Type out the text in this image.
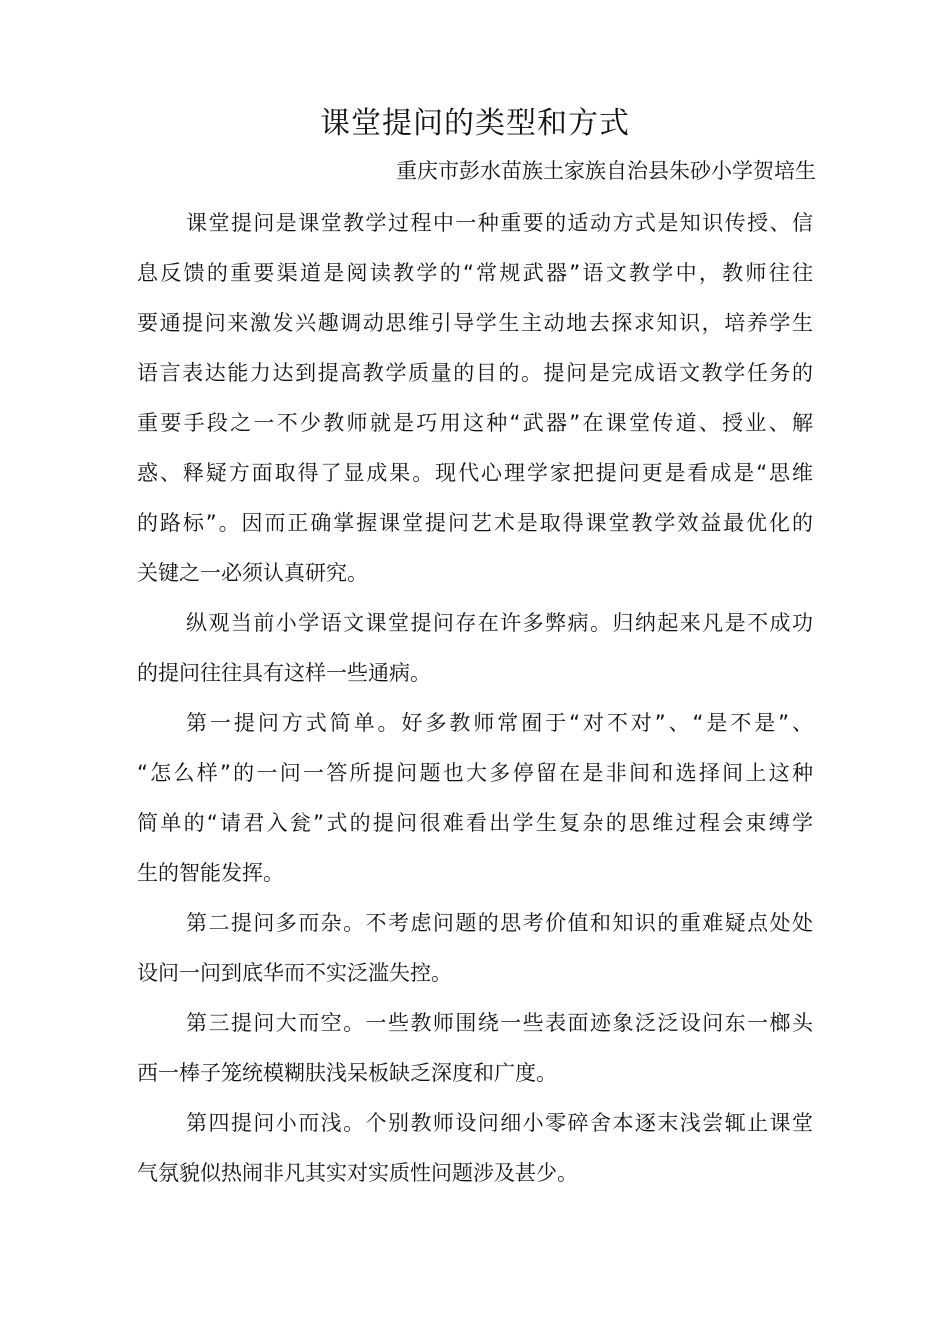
课堂提问的类型和方式
重庆市彭水苗族土家族自治县朱砂小学贺培生
课堂提问是课堂教学过程中一种重要的适动方式是知识传授、信
息反馈的重要渠道是阅读教学的“常规武器”语文教学中，教师往往
要通提问来激发兴趣调动思维引导学生主动地去探求知识，培养学生
语言表达能力达到提高教学质量的目的。提问是完成语文教学任务的
重要手段之一不少教师就是巧用这种“武器”在课堂传道、授业、解
惑、释疑方面取得了显成果。现代心理学家把提问更是看成是“思维
的路标”。因而正确掌握课堂提问艺术是取得课堂教学效益最优化的
关键之一必须认真研究。
纵观当前小学语文课堂提问存在许多弊病。归纳起来凡是不成功
的提问往往具有这样一些通病。
第一提问方式简单。好多教师常囿于“对不对”、“是不是”、
“怎么样”的一问一答所提问题也大多停留在是非间和选择间上这种
简单的“请君入瓮”式的提问很难看出学生复杂的思维过程会束缚学
生的智能发挥。
第二提问多而杂。不考虑问题的思考价值和知识的重难疑点处处
设问一问到底华而不实泛滥失控。
第三提问大而空。一些教师围绕一些表面迹象泛泛设问东一榔头
西一棒子笼统模糊肤浅呆板缺乏深度和广度。
第四提问小而浅。个别教师设问细小零碎舍本逐末浅尝辄止课堂
气氛貌似热闹非凡其实对实质性问题涉及甚少。
